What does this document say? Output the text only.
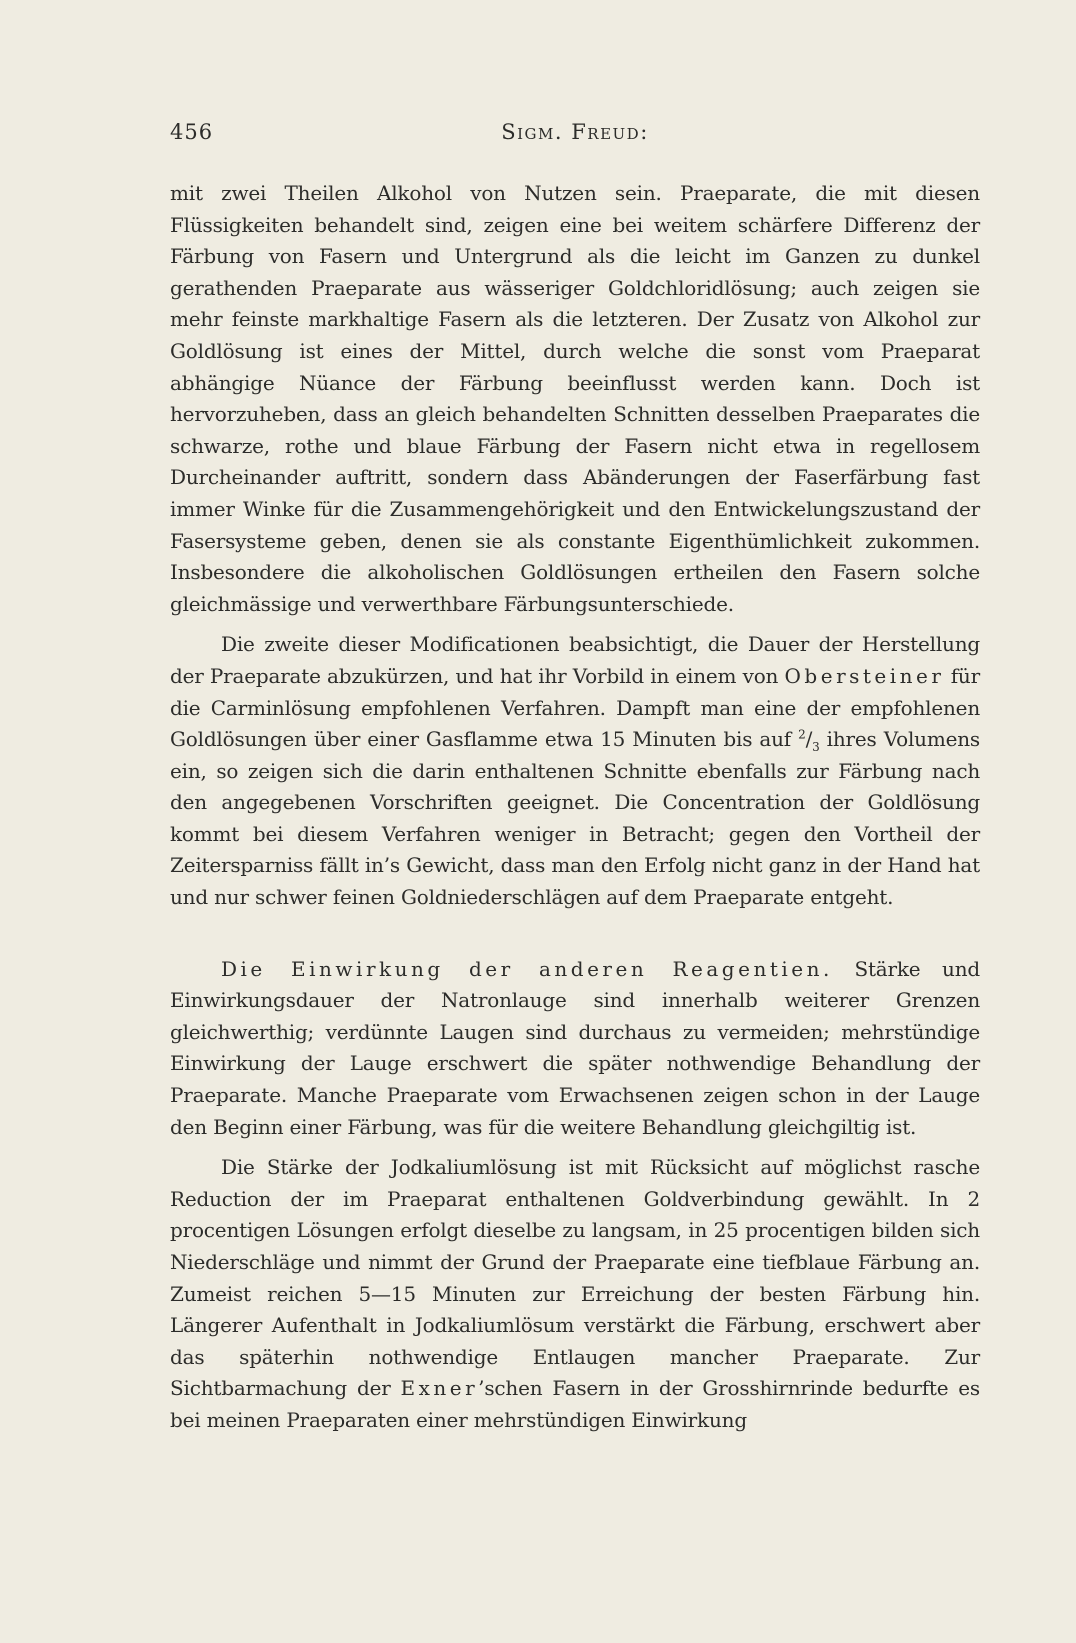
456	Sigm. Freud:

mit zwei Theilen Alkohol von Nutzen sein. Praeparate, die mit diesen Flüssigkeiten behandelt sind, zeigen eine bei weitem schärfere Differenz der Färbung von Fasern und Untergrund als die leicht im Ganzen zu dunkel gerathenden Praeparate aus wässeriger Goldchloridlösung; auch zeigen sie mehr feinste markhaltige Fasern als die letzteren. Der Zusatz von Alkohol zur Goldlösung ist eines der Mittel, durch welche die sonst vom Praeparat abhängige Nüance der Färbung beeinflusst werden kann. Doch ist hervorzuheben, dass an gleich behandelten Schnitten desselben Praeparates die schwarze, rothe und blaue Färbung der Fasern nicht etwa in regellosem Durcheinander auftritt, sondern dass Abänderungen der Faserfärbung fast immer Winke für die Zusammengehörigkeit und den Entwickelungszustand der Fasersysteme geben, denen sie als constante Eigenthümlichkeit zukommen. Insbesondere die alkoholischen Goldlösungen ertheilen den Fasern solche gleichmässige und verwerthbare Färbungsunterschiede.

Die zweite dieser Modificationen beabsichtigt, die Dauer der Herstellung der Praeparate abzukürzen, und hat ihr Vorbild in einem von Obersteiner für die Carminlösung empfohlenen Verfahren. Dampft man eine der empfohlenen Goldlösungen über einer Gasflamme etwa 15 Minuten bis auf $^2/_3$ ihres Volumens ein, so zeigen sich die darin enthaltenen Schnitte ebenfalls zur Färbung nach den angegebenen Vorschriften geeignet. Die Concentration der Goldlösung kommt bei diesem Verfahren weniger in Betracht; gegen den Vortheil der Zeitersparniss fällt in’s Gewicht, dass man den Erfolg nicht ganz in der Hand hat und nur schwer feinen Goldniederschlägen auf dem Praeparate entgeht.

Die Einwirkung der anderen Reagentien. Stärke und Einwirkungsdauer der Natronlauge sind innerhalb weiterer Grenzen gleichwerthig; verdünnte Laugen sind durchaus zu vermeiden; mehrstündige Einwirkung der Lauge erschwert die später nothwendige Behandlung der Praeparate. Manche Praeparate vom Erwachsenen zeigen schon in der Lauge den Beginn einer Färbung, was für die weitere Behandlung gleichgiltig ist.

Die Stärke der Jodkaliumlösung ist mit Rücksicht auf möglichst rasche Reduction der im Praeparat enthaltenen Goldverbindung gewählt. In 2 procentigen Lösungen erfolgt dieselbe zu langsam, in 25 procentigen bilden sich Niederschläge und nimmt der Grund der Praeparate eine tiefblaue Färbung an. Zumeist reichen 5—15 Minuten zur Erreichung der besten Färbung hin. Längerer Aufenthalt in Jodkaliumlösum verstärkt die Färbung, erschwert aber das späterhin nothwendige Entlaugen mancher Praeparate. Zur Sichtbarmachung der Exner’schen Fasern in der Grosshirnrinde bedurfte es bei meinen Praeparaten einer mehrstündigen Einwirkung
